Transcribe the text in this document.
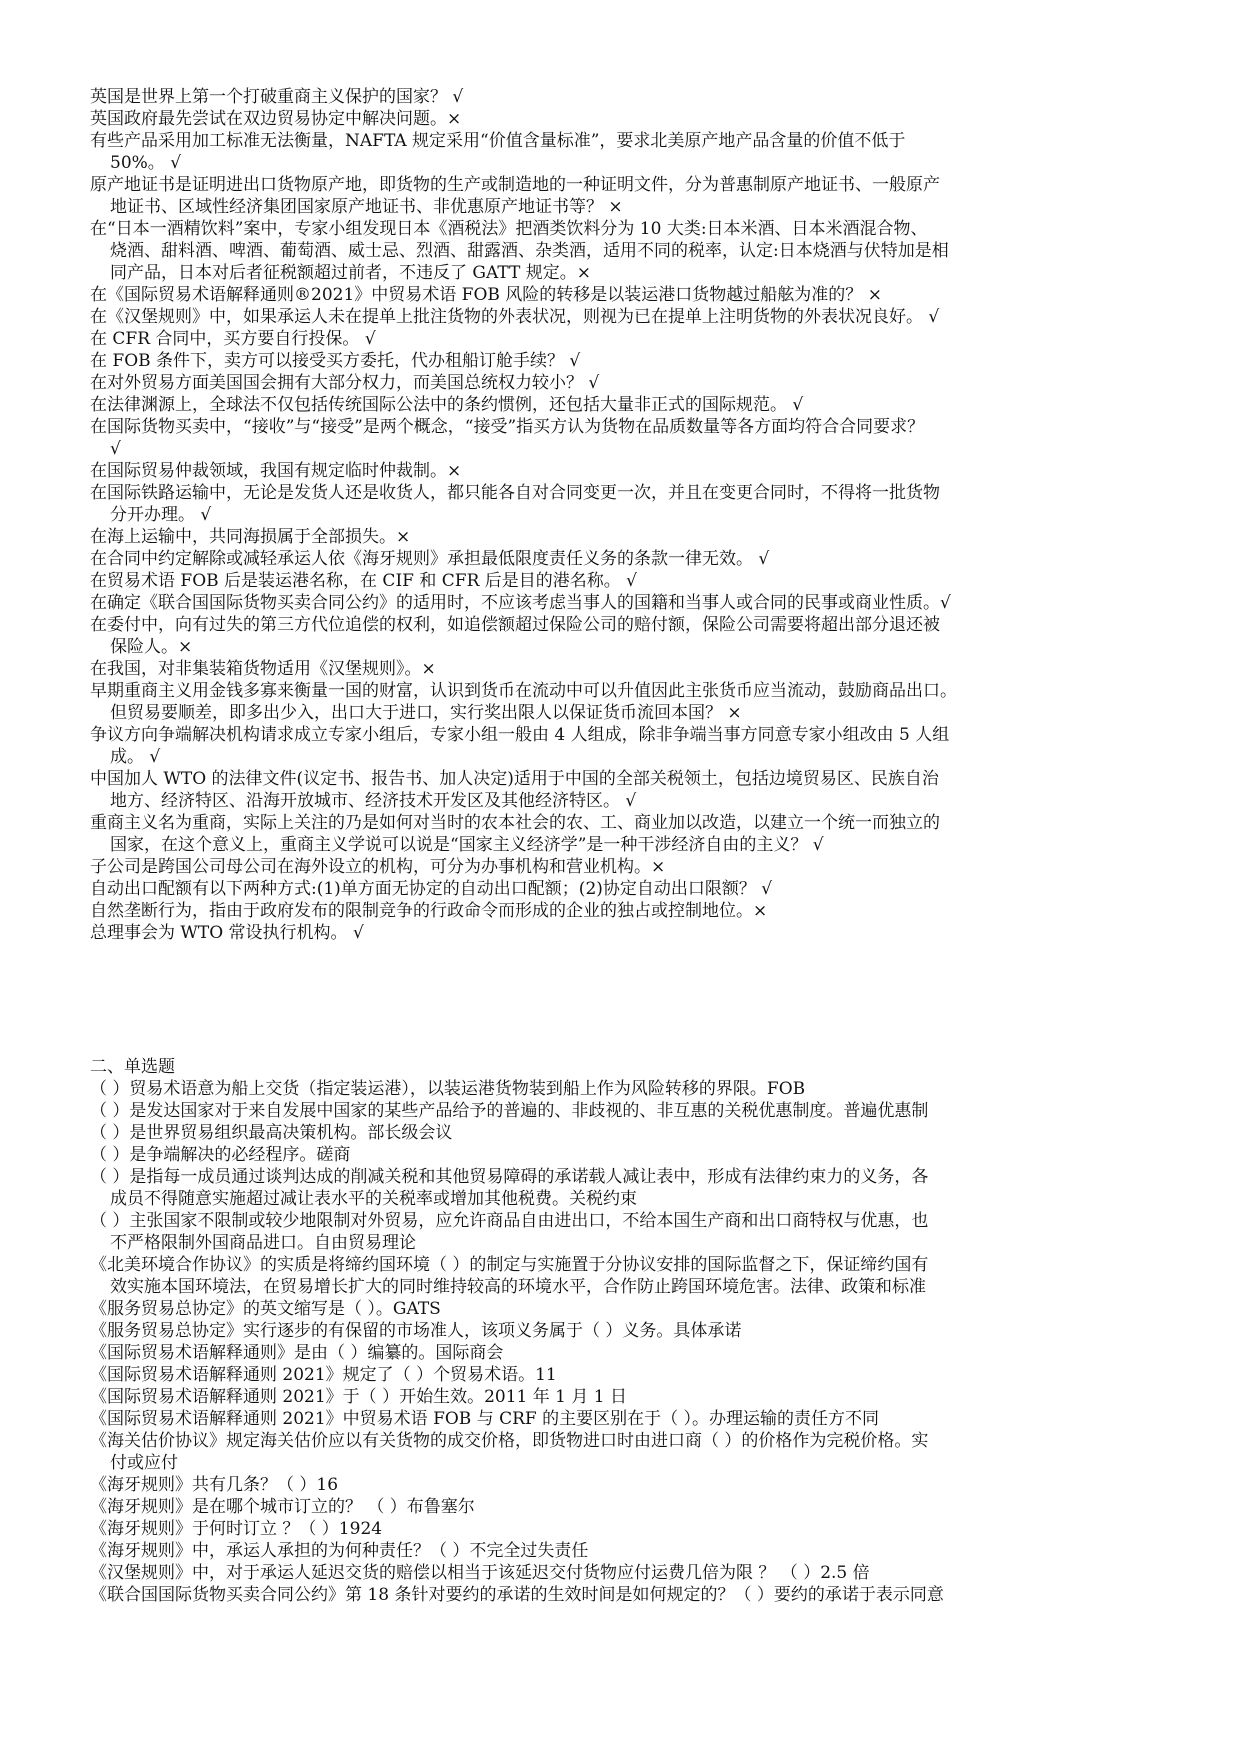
英国是世界上第一个打破重商主义保护的国家？ √
英国政府最先尝试在双边贸易协定中解决问题。×
有些产品采用加工标准无法衡量，NAFTA 规定采用“价值含量标准”，要求北美原产地产品含量的价值不低于
50%。 √
原产地证书是证明进出口货物原产地，即货物的生产或制造地的一种证明文件，分为普惠制原产地证书、一般原产
地证书、区域性经济集团国家原产地证书、非优惠原产地证书等？ ×
在“日本一酒精饮料”案中，专家小组发现日本《酒税法》把酒类饮料分为 10 大类:日本米酒、日本米酒混合物、
烧酒、甜料酒、啤酒、葡萄酒、威士忌、烈酒、甜露酒、杂类酒，适用不同的税率，认定:日本烧酒与伏特加是相
同产品，日本对后者征税额超过前者，不违反了 GATT 规定。×
在《国际贸易术语解释通则®2021》中贸易术语 FOB 风险的转移是以装运港口货物越过船舷为准的？ ×
在《汉堡规则》中，如果承运人未在提单上批注货物的外表状况，则视为已在提单上注明货物的外表状况良好。 √
在 CFR 合同中，买方要自行投保。 √
在 FOB 条件下，卖方可以接受买方委托，代办租船订舱手续？ √
在对外贸易方面美国国会拥有大部分权力，而美国总统权力较小？ √
在法律渊源上，全球法不仅包括传统国际公法中的条约惯例，还包括大量非正式的国际规范。 √
在国际货物买卖中，“接收”与“接受”是两个概念，“接受”指买方认为货物在品质数量等各方面均符合合同要求？
√
在国际贸易仲裁领域，我国有规定临时仲裁制。×
在国际铁路运输中，无论是发货人还是收货人，都只能各自对合同变更一次，并且在变更合同时，不得将一批货物
分开办理。 √
在海上运输中，共同海损属于全部损失。×
在合同中约定解除或减轻承运人依《海牙规则》承担最低限度责任义务的条款一律无效。 √
在贸易术语 FOB 后是装运港名称，在 CIF 和 CFR 后是目的港名称。 √
在确定《联合国国际货物买卖合同公约》的适用时，不应该考虑当事人的国籍和当事人或合同的民事或商业性质。√
在委付中，向有过失的第三方代位追偿的权利，如追偿额超过保险公司的赔付额，保险公司需要将超出部分退还被
保险人。×
在我国，对非集装箱货物适用《汉堡规则》。×
早期重商主义用金钱多寡来衡量一国的财富，认识到货币在流动中可以升值因此主张货币应当流动，鼓励商品出口。
但贸易要顺差，即多出少入，出口大于进口，实行奖出限人以保证货币流回本国？ ×
争议方向争端解决机构请求成立专家小组后，专家小组一般由 4 人组成，除非争端当事方同意专家小组改由 5 人组
成。 √
中国加人 WTO 的法律文件(议定书、报告书、加人决定)适用于中国的全部关税领土，包括边境贸易区、民族自治
地方、经济特区、沿海开放城市、经济技术开发区及其他经济特区。 √
重商主义名为重商，实际上关注的乃是如何对当时的农本社会的农、工、商业加以改造，以建立一个统一而独立的
国家，在这个意义上，重商主义学说可以说是“国家主义经济学”是一种干涉经济自由的主义？ √
子公司是跨国公司母公司在海外设立的机构，可分为办事机构和营业机构。×
自动出口配额有以下两种方式:(1)单方面无协定的自动出口配额；(2)协定自动出口限额？ √
自然垄断行为，指由于政府发布的限制竞争的行政命令而形成的企业的独占或控制地位。×
总理事会为 WTO 常设执行机构。 √
二、单选题
（ ）贸易术语意为船上交货（指定装运港），以装运港货物装到船上作为风险转移的界限。FOB
（ ）是发达国家对于来自发展中国家的某些产品给予的普遍的、非歧视的、非互惠的关税优惠制度。普遍优惠制
（ ）是世界贸易组织最高决策机构。部长级会议
（ ）是争端解决的必经程序。磋商
（ ）是指每一成员通过谈判达成的削减关税和其他贸易障碍的承诺载人减让表中，形成有法律约束力的义务，各
成员不得随意实施超过减让表水平的关税率或增加其他税费。关税约束
（ ）主张国家不限制或较少地限制对外贸易，应允许商品自由进出口，不给本国生产商和出口商特权与优惠，也
不严格限制外国商品进口。自由贸易理论
《北美环境合作协议》的实质是将缔约国环境（ ）的制定与实施置于分协议安排的国际监督之下，保证缔约国有
效实施本国环境法，在贸易增长扩大的同时维持较高的环境水平，合作防止跨国环境危害。法律、政策和标准
《服务贸易总协定》的英文缩写是（ ）。GATS
《服务贸易总协定》实行逐步的有保留的市场准人，该项义务属于（ ）义务。具体承诺
《国际贸易术语解释通则》是由（ ）编纂的。国际商会
《国际贸易术语解释通则 2021》规定了（ ）个贸易术语。11
《国际贸易术语解释通则 2021》于（ ）开始生效。2011 年 1 月 1 日
《国际贸易术语解释通则 2021》中贸易术语 FOB 与 CRF 的主要区别在于（ ）。办理运输的责任方不同
《海关估价协议》规定海关估价应以有关货物的成交价格，即货物进口时由进口商（ ）的价格作为完税价格。实
付或应付
《海牙规则》共有几条？（ ）16
《海牙规则》是在哪个城市订立的？ （ ）布鲁塞尔
《海牙规则》于何时订立 ？（ ）1924
《海牙规则》中，承运人承担的为何种责任？（ ）不完全过失责任
《汉堡规则》中，对于承运人延迟交货的赔偿以相当于该延迟交付货物应付运费几倍为限 ？ （ ）2.5 倍
《联合国国际货物买卖合同公约》第 18 条针对要约的承诺的生效时间是如何规定的？（ ）要约的承诺于表示同意
